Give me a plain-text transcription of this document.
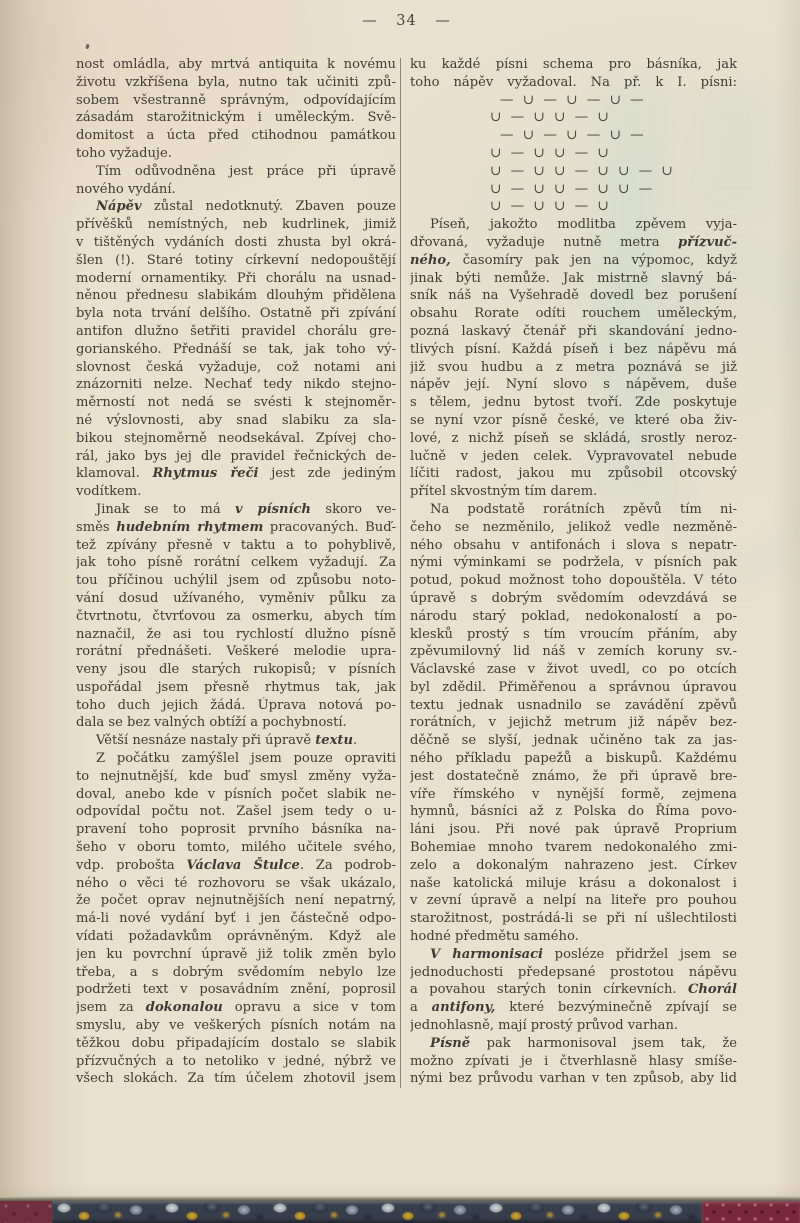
— 34 —
nost omládla, aby mrtvá antiquita k novému
životu vzkříšena byla, nutno tak učiniti způ-
sobem všestranně správným, odpovídajícím
zásadám starožitnickým i uměleckým. Svě-
domitost a úcta před ctihodnou památkou
toho vyžaduje.
Tím odůvodněna jest práce při úpravě
nového vydání.
Nápěv zůstal nedotknutý. Zbaven pouze
přívěšků nemístných, neb kudrlinek, jimiž
v tištěných vydáních dosti zhusta byl okrá-
šlen (!). Staré totiny církevní nedopouštějí
moderní ornamentiky. Při chorálu na usnad-
něnou přednesu slabikám dlouhým přidělena
byla nota trvání delšího. Ostatně při zpívání
antifon dlužno šetřiti pravidel chorálu gre-
gorianského. Přednáší se tak, jak toho vý-
slovnost česká vyžaduje, což notami ani
znázorniti nelze. Nechať tedy nikdo stejno-
měrností not nedá se svésti k stejnoměr-
né výslovnosti, aby snad slabiku za sla-
bikou stejnoměrně neodsekával. Zpívej cho-
rál, jako bys jej dle pravidel řečnických de-
klamoval. Rhytmus řeči jest zde jediným
vodítkem.
Jinak se to má v písních skoro ve-
směs hudebním rhytmem pracovaných. Buď-
tež zpívány přesně v taktu a to pohyblivě,
jak toho písně rorátní celkem vyžadují. Za
tou příčinou uchýlil jsem od způsobu noto-
vání dosud užívaného, vyměniv půlku za
čtvrtnotu, čtvrťovou za osmerku, abych tím
naznačil, že asi tou rychlostí dlužno písně
rorátní přednášeti. Veškeré melodie upra-
veny jsou dle starých rukopisů; v písních
uspořádal jsem přesně rhytmus tak, jak
toho duch jejich žádá. Úprava notová po-
dala se bez valných obtíží a pochybností.
Větší nesnáze nastaly při úpravě textu.
Z počátku zamýšlel jsem pouze opraviti
to nejnutnější, kde buď smysl změny vyža-
doval, anebo kde v písních počet slabik ne-
odpovídal počtu not. Zašel jsem tedy o u-
pravení toho poprosit prvního básníka na-
šeho v oboru tomto, milého učitele svého,
vdp. probošta Václava Štulce. Za podrob-
ného o věci té rozhovoru se však ukázalo,
že počet oprav nejnutnějších není nepatrný,
má-li nové vydání byť i jen částečně odpo-
vídati požadavkům oprávněným. Když ale
jen ku povrchní úpravě již tolik změn bylo
třeba, a s dobrým svědomím nebylo lze
podržeti text v posavádním znění, poprosil
jsem za dokonalou opravu a sice v tom
smyslu, aby ve veškerých písních notám na
těžkou dobu připadajícím dostalo se slabik
přízvučných a to netoliko v jedné, nýbrž ve
všech slokách. Za tím účelem zhotovil jsem
ku každé písni schema pro básníka, jak
toho nápěv vyžadoval. Na př. k I. písni:
— ∪ — ∪ — ∪ —
∪ — ∪ ∪ — ∪
— ∪ — ∪ — ∪ —
∪ — ∪ ∪ — ∪
∪ — ∪ ∪ — ∪ ∪ — ∪
∪ — ∪ ∪ — ∪ ∪ —
∪ — ∪ ∪ — ∪
Píseň, jakožto modlitba zpěvem vyja-
dřovaná, vyžaduje nutně metra přízvuč-
ného, časomíry pak jen na výpomoc, když
jinak býti nemůže. Jak mistrně slavný bá-
sník náš na Vyšehradě dovedl bez porušení
obsahu Rorate odíti rouchem uměleckým,
pozná laskavý čtenář při skandování jedno-
tlivých písní. Každá píseň i bez nápěvu má
již svou hudbu a z metra poznává se již
nápěv její. Nyní slovo s nápěvem, duše
s tělem, jednu bytost tvoří. Zde poskytuje
se nyní vzor písně české, ve které oba živ-
lové, z nichž píseň se skládá, srostly neroz-
lučně v jeden celek. Vypravovatel nebude
líčiti radost, jakou mu způsobil otcovský
přítel skvostným tím darem.
Na podstatě rorátních zpěvů tím ni-
čeho se nezměnilo, jelikož vedle nezměně-
ného obsahu v antifonách i slova s nepatr-
nými výminkami se podržela, v písních pak
potud, pokud možnost toho dopouštěla. V této
úpravě s dobrým svědomím odevzdává se
národu starý poklad, nedokonalostí a po-
klesků prostý s tím vroucím přáním, aby
zpěvumilovný lid náš v zemích koruny sv.-
Václavské zase v život uvedl, co po otcích
byl zdědil. Přiměřenou a správnou úpravou
textu jednak usnadnilo se zavádění zpěvů
rorátních, v jejichž metrum již nápěv bez-
děčně se slyší, jednak učiněno tak za jas-
ného příkladu papežů a biskupů. Každému
jest dostatečně známo, že při úpravě bre-
víře římského v nynější formě, zejmena
hymnů, básníci až z Polska do Říma povo-
láni jsou. Při nové pak úpravě Proprium
Bohemiae mnoho tvarem nedokonalého zmi-
zelo a dokonalým nahrazeno jest. Církev
naše katolická miluje krásu a dokonalost i
v zevní úpravě a nelpí na liteře pro pouhou
starožitnost, postrádá-li se při ní ušlechtilosti
hodné předmětu samého.
V harmonisaci posléze přidržel jsem se
jednoduchosti předepsané prostotou nápěvu
a povahou starých tonin církevních. Chorál
a antifony, které bezvýminečně zpívají se
jednohlasně, mají prostý průvod varhan.
Písně pak harmonisoval jsem tak, že
možno zpívati je i čtverhlasně hlasy smíše-
nými bez průvodu varhan v ten způsob, aby lid
